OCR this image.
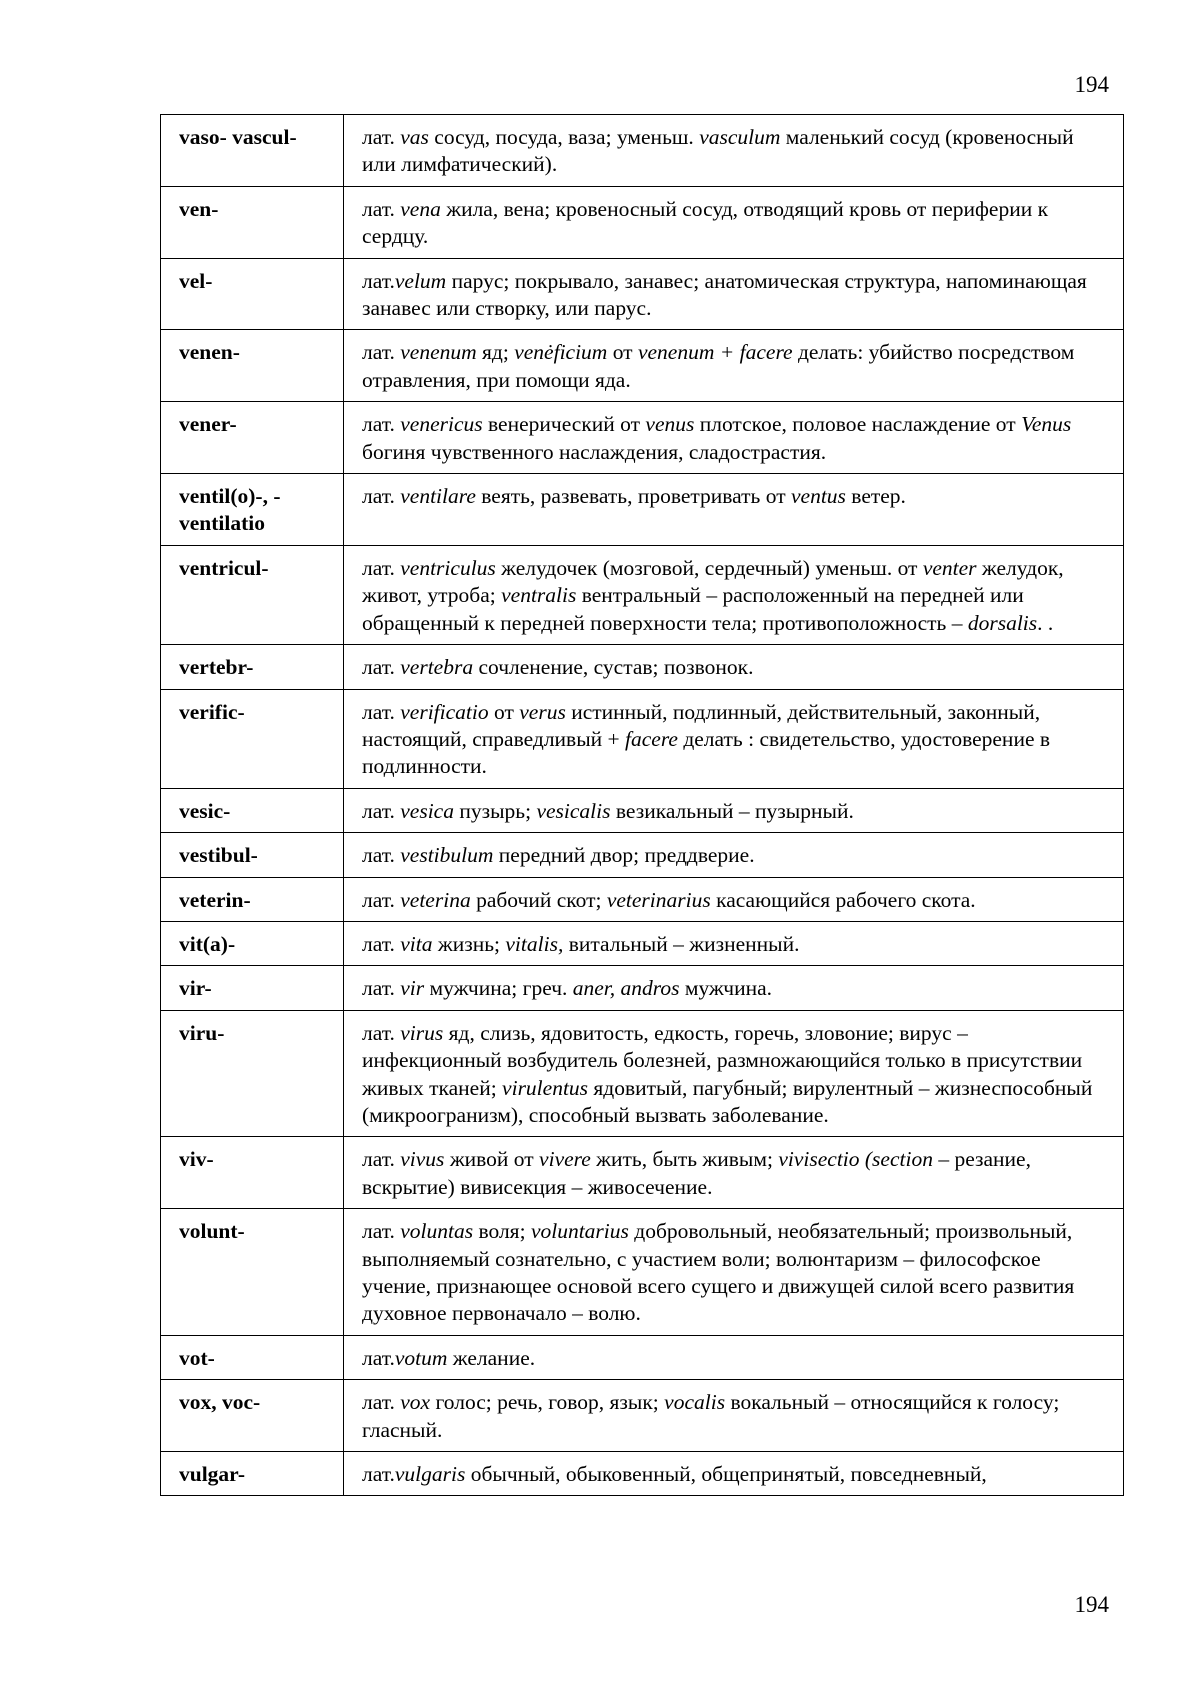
194
vaso- vascul-	лат. vas сосуд, посуда, ваза; уменьш. vasculum маленький сосуд (кровеносный или лимфатический).
ven-	лат. vena жила, вена; кровеносный сосуд, отводящий кровь от периферии к сердцу.
vel-	лат.velum парус; покрывало, занавес; анатомическая структура, напоминающая занавес или створку, или парус.
venen-	лат. venenum яд; venėficium от venenum + facere делать: убийство посредством отравления, при помощи яда.
vener-	лат. venericus венерический от venus плотское, половое наслаждение от Venus богиня чувственного наслаждения, сладострастия.
ventil(o)-, - ventilatio	лат. ventilare веять, развевать, проветривать от ventus ветер.
ventricul-	лат. ventriculus желудочек (мозговой, сердечный) уменьш. от venter желудок, живот, утроба; ventralis вентральный – расположенный на передней или обращенный к передней поверхности тела; противоположность – dorsalis. .
vertebr-	лат. vertebra сочленение, сустав; позвонок.
verific-	лат. verificatio от verus истинный, подлинный, действительный, законный, настоящий, справедливый + facere делать : свидетельство, удостоверение в подлинности.
vesic-	лат. vesica пузырь; vesicalis везикальный – пузырный.
vestibul-	лат. vestibulum передний двор; преддверие.
veterin-	лат. veterina рабочий скот; veterinarius касающийся рабочего скота.
vit(a)-	лат. vita жизнь; vitalis, витальный – жизненный.
vir-	лат. vir мужчина; греч. aner, andros мужчина.
viru-	лат. virus яд, слизь, ядовитость, едкость, горечь, зловоние; вирус – инфекционный возбудитель болезней, размножающийся только в присутствии живых тканей; virulentus ядовитый, пагубный; вирулентный – жизнеспособный (микроогранизм), способный вызвать заболевание.
viv-	лат. vivus живой от vivere жить, быть живым; vivisectio (section – резание, вскрытие) вивисекция – живосечение.
volunt-	лат. voluntas воля; voluntarius добровольный, необязательный; произвольный, выполняемый сознательно, с участием воли; волюнтаризм – философское учение, признающее основой всего сущего и движущей силой всего развития духовное первоначало – волю.
vot-	лат.votum желание.
vox, voc-	лат. vox голос; речь, говор, язык; vocalis вокальный – относящийся к голосу; гласный.
vulgar-	лат.vulgaris обычный, обыковенный, общепринятый, повседневный,
194
